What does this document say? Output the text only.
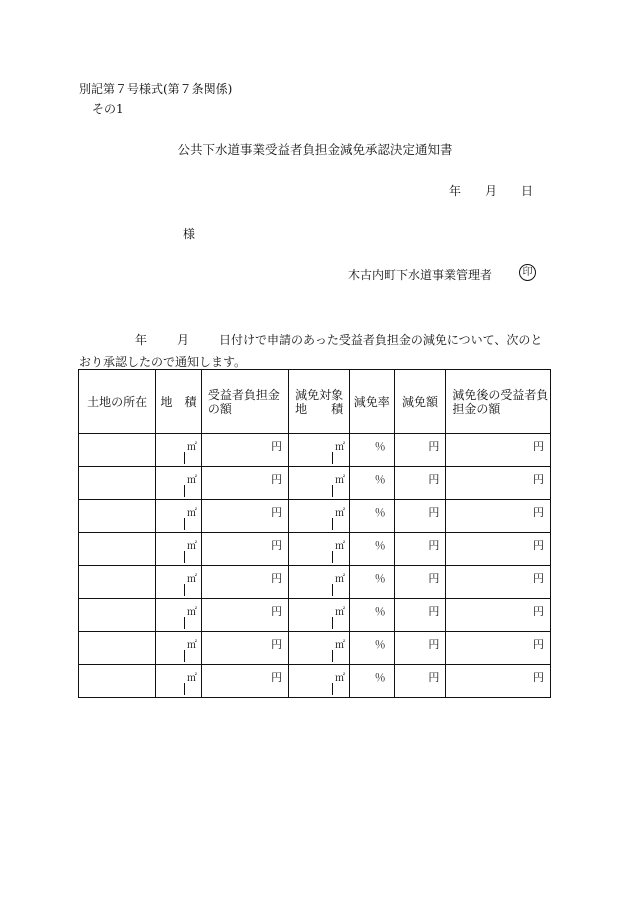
別記第７号様式(第７条関係)
その1
公共下水道事業受益者負担金減免承認決定通知書
年 月 日
様
木古内町下水道事業管理者	印
年	月	日付けで申請のあった受益者負担金の減免について、次のとおり承認したので通知します。
土地の所在	地　積	受益者負担金の額	減免対象地　　積	減免率	減免額	減免後の受益者負担金の額

	㎡	円	㎡	％	円	円

	㎡	円	㎡	％	円	円

	㎡	円	㎡	％	円	円

	㎡	円	㎡	％	円	円

	㎡	円	㎡	％	円	円

	㎡	円	㎡	％	円	円

	㎡	円	㎡	％	円	円

	㎡	円	㎡	％	円	円
